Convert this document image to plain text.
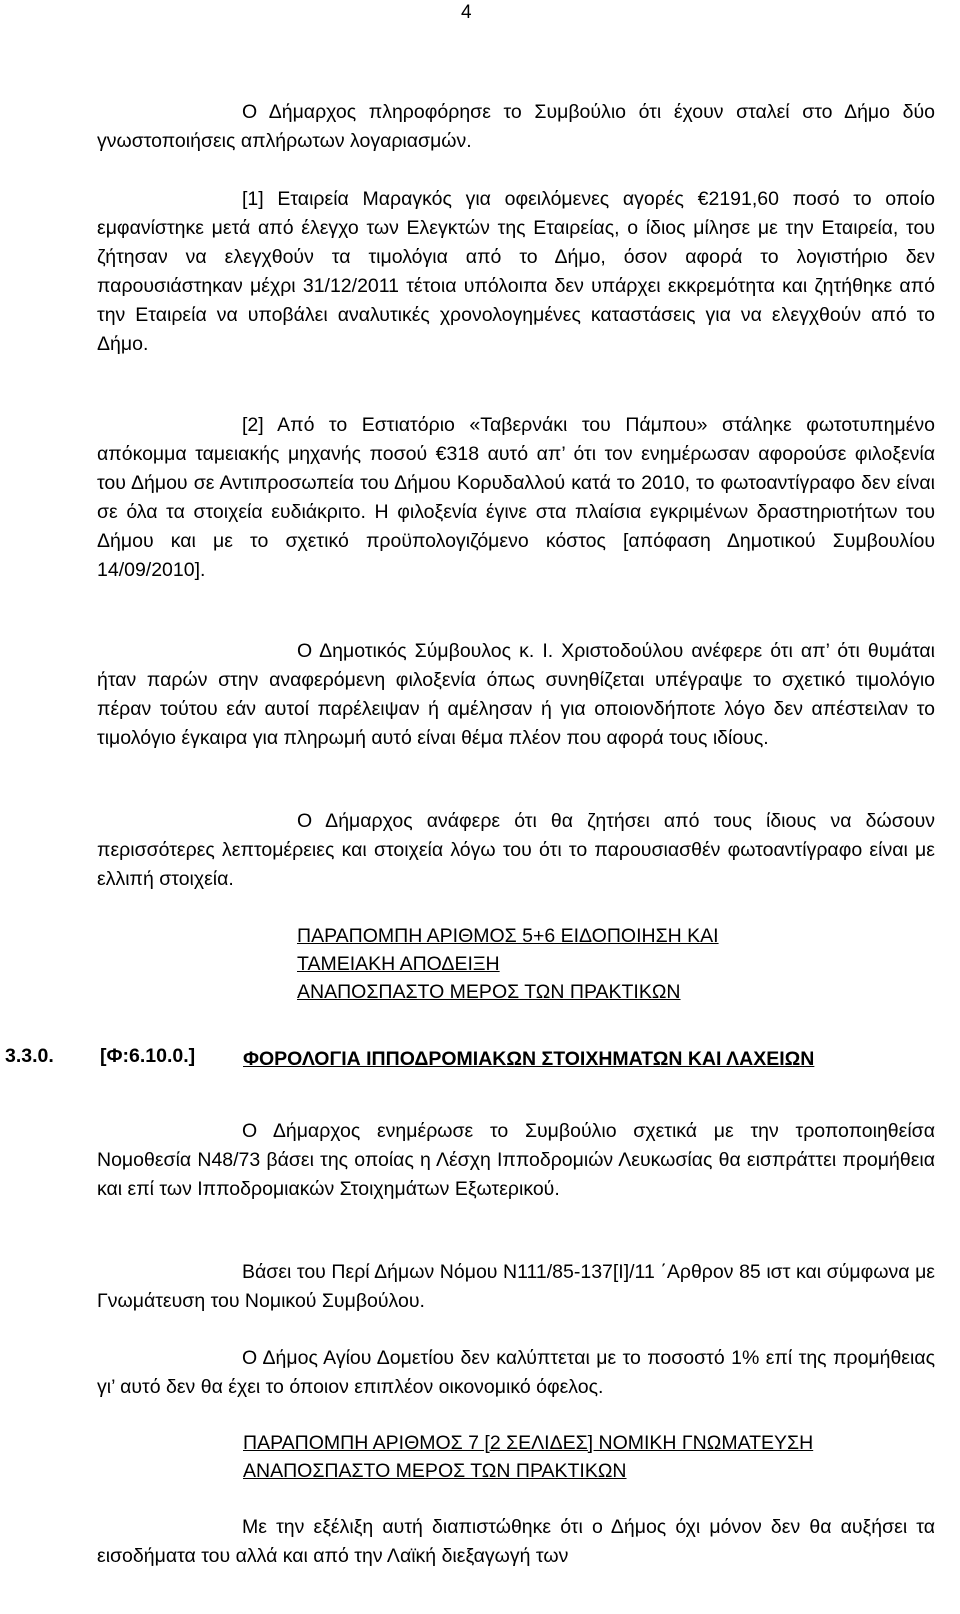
4
Ο Δήμαρχος πληροφόρησε το Συμβούλιο ότι έχουν σταλεί στο Δήμο δύο γνωστοποιήσεις απλήρωτων λογαριασμών.
[1] Εταιρεία Μαραγκός για οφειλόμενες αγορές €2191,60 ποσό το οποίο εμφανίστηκε μετά από έλεγχο των Ελεγκτών της Εταιρείας, ο ίδιος μίλησε με την Εταιρεία, του ζήτησαν να ελεγχθούν τα τιμολόγια από το Δήμο, όσον αφορά το λογιστήριο δεν παρουσιάστηκαν μέχρι 31/12/2011 τέτοια υπόλοιπα δεν υπάρχει εκκρεμότητα και ζητήθηκε από την Εταιρεία να υποβάλει αναλυτικές χρονολογημένες καταστάσεις για να ελεγχθούν από το Δήμο.
[2] Από το Εστιατόριο «Ταβερνάκι του Πάμπου» στάληκε φωτοτυπημένο απόκομμα ταμειακής μηχανής ποσού €318 αυτό απ’ ότι τον ενημέρωσαν αφορούσε φιλοξενία του Δήμου σε Αντιπροσωπεία του Δήμου Κορυδαλλού κατά το 2010, το φωτοαντίγραφο δεν είναι σε όλα τα στοιχεία ευδιάκριτο. Η φιλοξενία έγινε στα πλαίσια εγκριμένων δραστηριοτήτων του Δήμου και με το σχετικό προϋπολογιζόμενο κόστος [απόφαση Δημοτικού Συμβουλίου 14/09/2010].
Ο Δημοτικός Σύμβουλος κ. Ι. Χριστοδούλου ανέφερε ότι απ’ ότι θυμάται ήταν παρών στην αναφερόμενη φιλοξενία όπως συνηθίζεται υπέγραψε το σχετικό τιμολόγιο πέραν τούτου εάν αυτοί παρέλειψαν ή αμέλησαν ή για οποιονδήποτε λόγο δεν απέστειλαν το τιμολόγιο έγκαιρα για πληρωμή αυτό είναι θέμα πλέον που αφορά τους ιδίους.
Ο Δήμαρχος ανάφερε ότι θα ζητήσει από τους ίδιους να δώσουν περισσότερες λεπτομέρειες και στοιχεία λόγω του ότι το παρουσιασθέν φωτοαντίγραφο είναι με ελλιπή στοιχεία.
ΠΑΡΑΠΟΜΠΗ ΑΡΙΘΜΟΣ 5+6 ΕΙΔΟΠΟΙΗΣΗ ΚΑΙ
ΤΑΜΕΙΑΚΗ ΑΠΟΔΕΙΞΗ
ΑΝΑΠΟΣΠΑΣΤΟ ΜΕΡΟΣ ΤΩΝ ΠΡΑΚΤΙΚΩΝ
3.3.0. [Φ:6.10.0.] ΦΟΡΟΛΟΓΙΑ ΙΠΠΟΔΡΟΜΙΑΚΩΝ ΣΤΟΙΧΗΜΑΤΩΝ ΚΑΙ ΛΑΧΕΙΩΝ
Ο Δήμαρχος ενημέρωσε το Συμβούλιο σχετικά με την τροποποιηθείσα Νομοθεσία Ν48/73 βάσει της οποίας η Λέσχη Ιπποδρομιών Λευκωσίας θα εισπράττει προμήθεια και επί των Ιπποδρομιακών Στοιχημάτων Εξωτερικού.
Βάσει του Περί Δήμων Νόμου Ν111/85-137[Ι]/11 ΄Αρθρον 85 ιστ και σύμφωνα με Γνωμάτευση του Νομικού Συμβούλου.
Ο Δήμος Αγίου Δομετίου δεν καλύπτεται με το ποσοστό 1% επί της προμήθειας γι’ αυτό δεν θα έχει το όποιον επιπλέον οικονομικό όφελος.
ΠΑΡΑΠΟΜΠΗ ΑΡΙΘΜΟΣ 7 [2 ΣΕΛΙΔΕΣ] ΝΟΜΙΚΗ ΓΝΩΜΑΤΕΥΣΗ
ΑΝΑΠΟΣΠΑΣΤΟ ΜΕΡΟΣ ΤΩΝ ΠΡΑΚΤΙΚΩΝ
Με την εξέλιξη αυτή διαπιστώθηκε ότι ο Δήμος όχι μόνον δεν θα αυξήσει τα εισοδήματα του αλλά και από την Λαϊκή διεξαγωγή των
